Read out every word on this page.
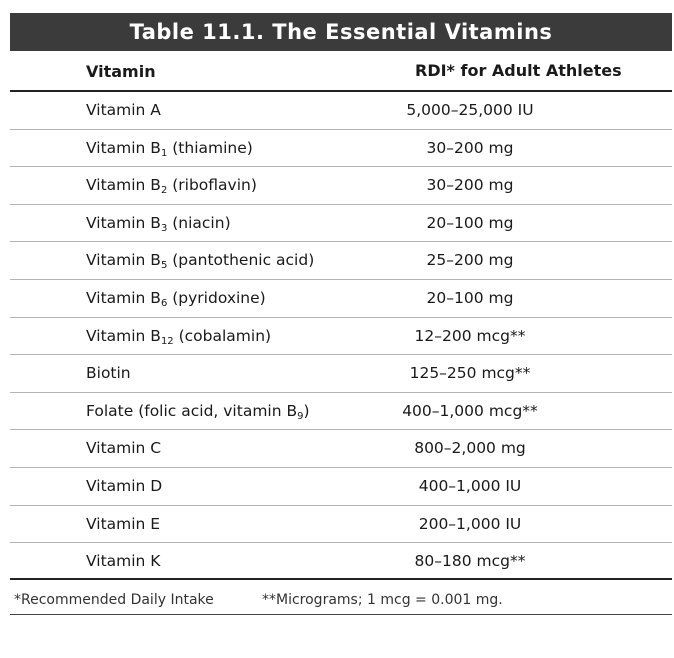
Table 11.1. The Essential Vitamins
Vitamin	RDI* for Adult Athletes
Vitamin A	5,000–25,000 IU
Vitamin $B_1$ (thiamine)	30–200 mg
Vitamin $B_2$ (riboflavin)	30–200 mg
Vitamin $B_3$ (niacin)	20–100 mg
Vitamin $B_5$ (pantothenic acid)	25–200 mg
Vitamin $B_6$ (pyridoxine)	20–100 mg
Vitamin $B_{12}$ (cobalamin)	12–200 mcg**
Biotin	125–250 mcg**
Folate (folic acid, vitamin $B_9$)	400–1,000 mcg**
Vitamin C	800–2,000 mg
Vitamin D	400–1,000 IU
Vitamin E	200–1,000 IU
Vitamin K	80–180 mcg**
*Recommended Daily Intake	**Micrograms; 1 mcg = 0.001 mg.
